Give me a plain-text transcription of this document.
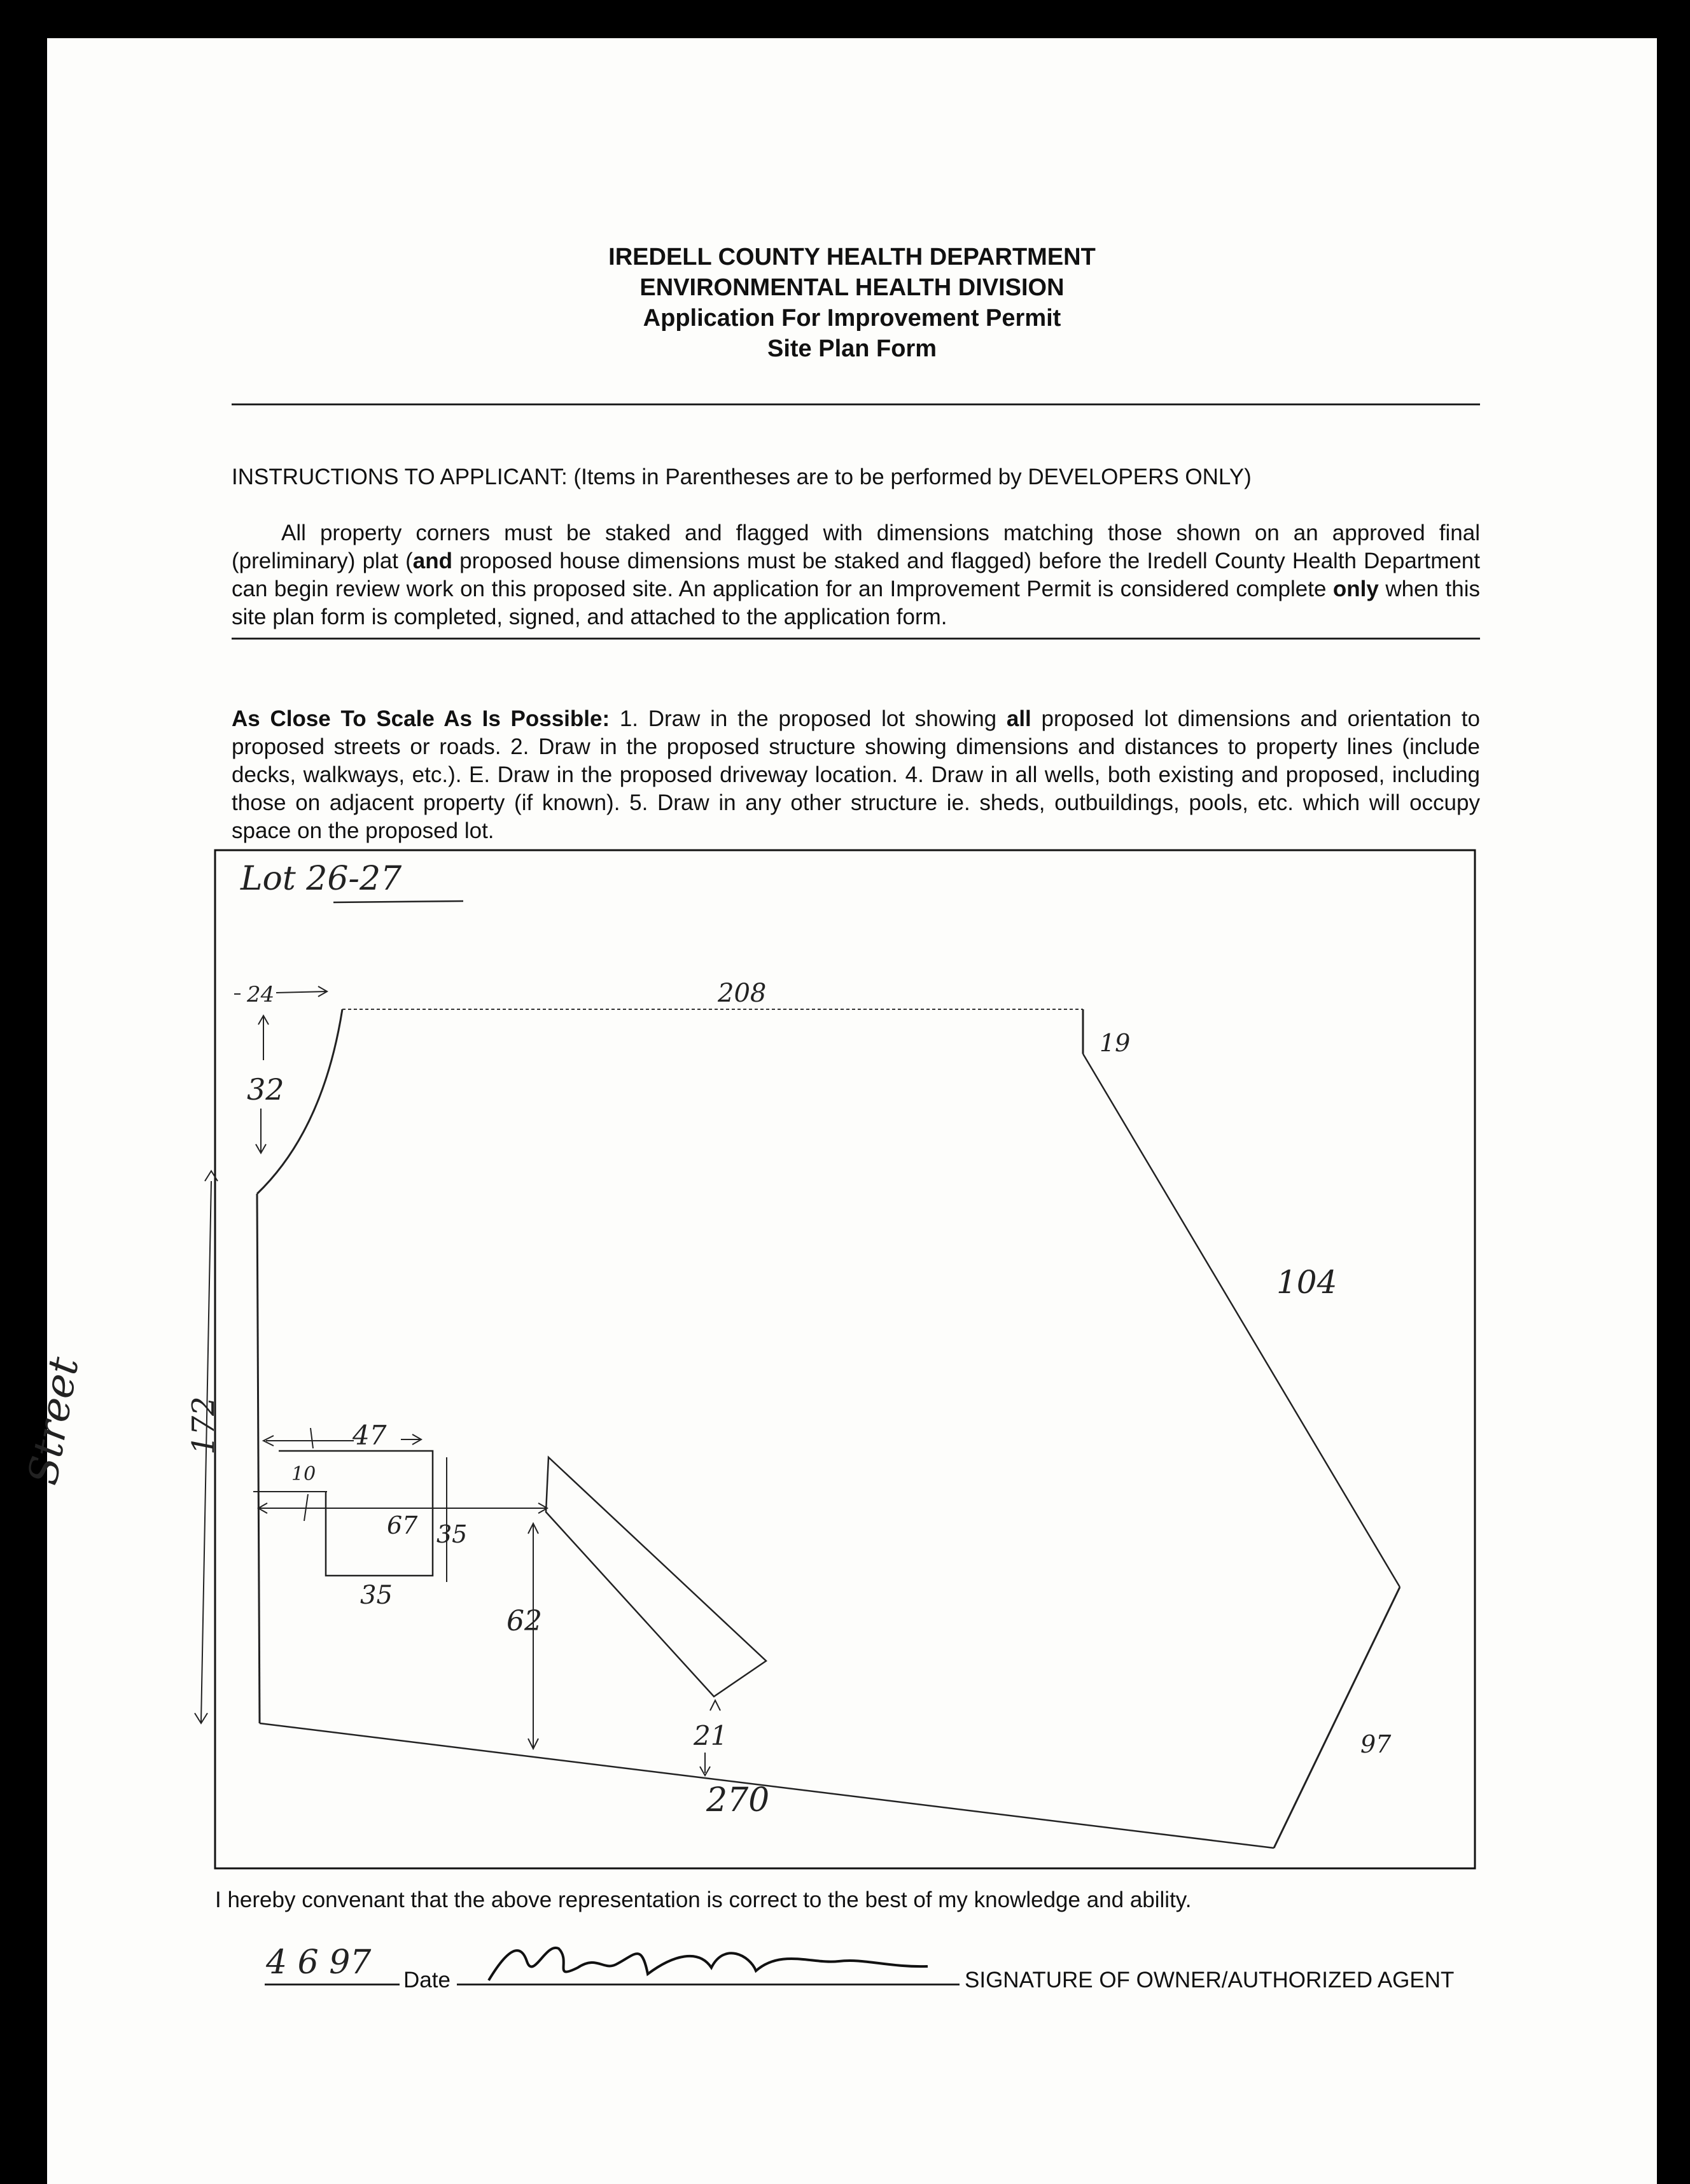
IREDELL COUNTY HEALTH DEPARTMENT
ENVIRONMENTAL HEALTH DIVISION
Application For Improvement Permit
Site Plan Form
INSTRUCTIONS TO APPLICANT: (Items in Parentheses are to be performed by DEVELOPERS ONLY)
All property corners must be staked and flagged with dimensions matching those shown on an approved final (preliminary) plat (and proposed house dimensions must be staked and flagged) before the Iredell County Health Department can begin review work on this proposed site. An application for an Improvement Permit is considered complete only when this site plan form is completed, signed, and attached to the application form.
As Close To Scale As Is Possible: 1. Draw in the proposed lot showing all proposed lot dimensions and orientation to proposed streets or roads. 2. Draw in the proposed structure showing dimensions and distances to property lines (include decks, walkways, etc.). E. Draw in the proposed driveway location. 4. Draw in all wells, both existing and proposed, including those on adjacent property (if known). 5. Draw in any other structure ie. sheds, outbuildings, pools, etc. which will occupy space on the proposed lot.
Lot 26-27
172
Street
24
32
208
19
104
97
270
47
10
67 35
35
62
21
I hereby convenant that the above representation is correct to the best of my knowledge and ability.
4 6 97 Date	SIGNATURE OF OWNER/AUTHORIZED AGENT
